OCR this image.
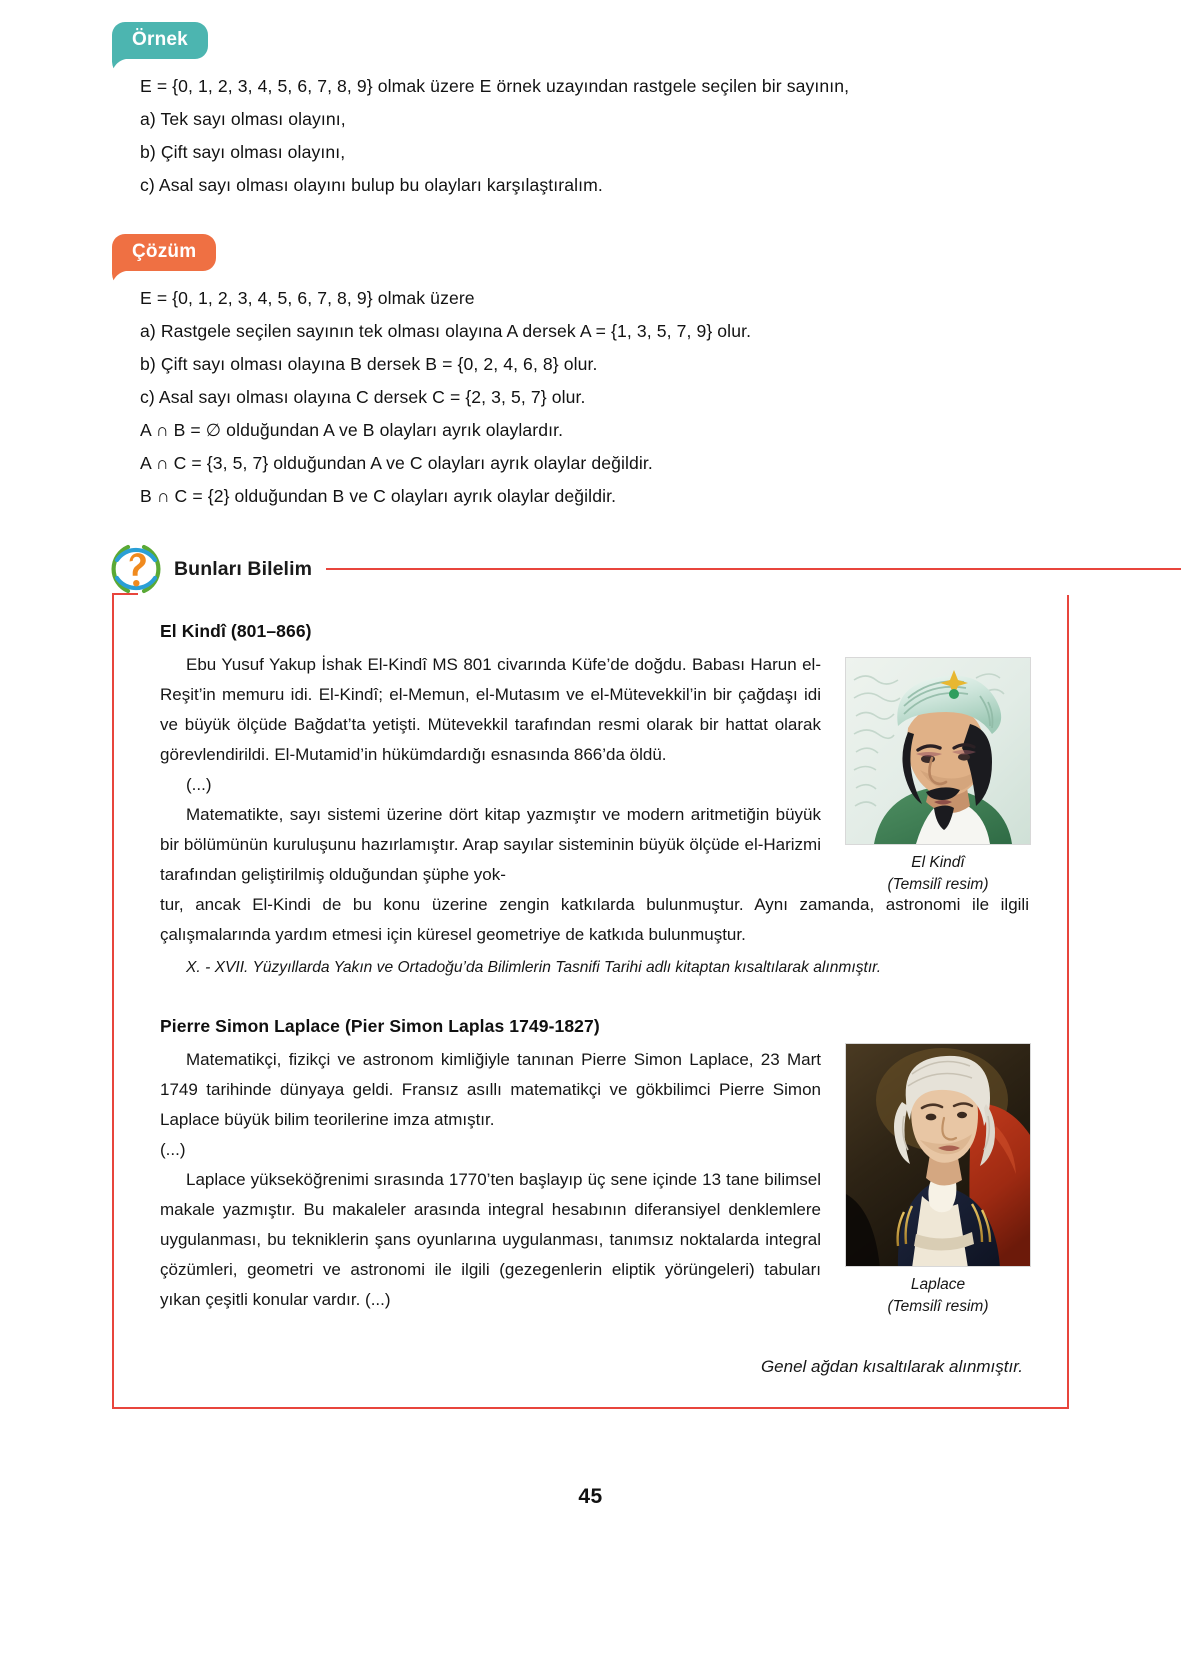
Örnek
E = {0, 1, 2, 3, 4, 5, 6, 7, 8, 9} olmak üzere E örnek uzayından rastgele seçilen bir sayının,
a) Tek sayı olması olayını,
b) Çift sayı olması olayını,
c) Asal sayı olması olayını bulup bu olayları karşılaştıralım.
Çözüm
E = {0, 1, 2, 3, 4, 5, 6, 7, 8, 9} olmak üzere
a) Rastgele seçilen sayının tek olması olayına A dersek A = {1, 3, 5, 7, 9} olur.
b) Çift sayı olması olayına B dersek B = {0, 2, 4, 6, 8} olur.
c) Asal sayı olması olayına C dersek C = {2, 3, 5, 7} olur.
A ∩ B = ∅ olduğundan A ve B olayları ayrık olaylardır.
A ∩ C = {3, 5, 7} olduğundan A ve C olayları ayrık olaylar değildir.
B ∩ C = {2} olduğundan B ve C olayları ayrık olaylar değildir.
Bunları Bilelim
El Kindî
(Temsilî resim)
Laplace
(Temsilî resim)
El Kindî (801–866)

Ebu Yusuf Yakup İshak El-Kindî MS 801 civarında Küfe’de doğdu. Babası Harun el-Reşit’in memuru idi. El-Kindî; el-Memun, el-Mutasım ve el-Mütevekkil’in bir çağdaşı idi ve büyük ölçüde Bağdat’ta yetişti. Mütevekkil tarafından resmi olarak bir hattat olarak görevlendirildi. El-Mutamid’in hükümdardığı esnasında 866’da öldü.

(...)

Matematikte, sayı sistemi üzerine dört kitap yazmıştır ve modern aritmetiğin büyük bir bölümünün kuruluşunu hazırlamıştır. Arap sayılar sisteminin büyük ölçüde el-Harizmi tarafından geliştirilmiş olduğundan şüphe yok-

tur, ancak El-Kindi de bu konu üzerine zengin katkılarda bulunmuştur. Aynı zamanda, astronomi ile ilgili çalışmalarında yardım etmesi için küresel geometriye de katkıda bulunmuştur.

X. - XVII. Yüzyıllarda Yakın ve Ortadoğu’da Bilimlerin Tasnifi Tarihi adlı kitaptan kısaltılarak alınmıştır.

Pierre Simon Laplace (Pier Simon Laplas 1749-1827)

Matematikçi, fizikçi ve astronom kimliğiyle tanınan Pierre Simon Laplace, 23 Mart 1749 tarihinde dünyaya geldi. Fransız asıllı matematikçi ve gökbilimci Pierre Simon Laplace büyük bilim teorilerine imza atmıştır.

(...)

Laplace yükseköğrenimi sırasında 1770’ten başlayıp üç sene içinde 13 tane bilimsel makale yazmıştır. Bu makaleler arasında integral hesabının diferansiyel denklemlere uygulanması, bu tekniklerin şans oyunlarına uygulanması, tanımsız noktalarda integral çözümleri, geometri ve astronomi ile ilgili (gezegenlerin eliptik yörüngeleri) tabuları yıkan çeşitli konular vardır. (...)

Genel ağdan kısaltılarak alınmıştır.

45
